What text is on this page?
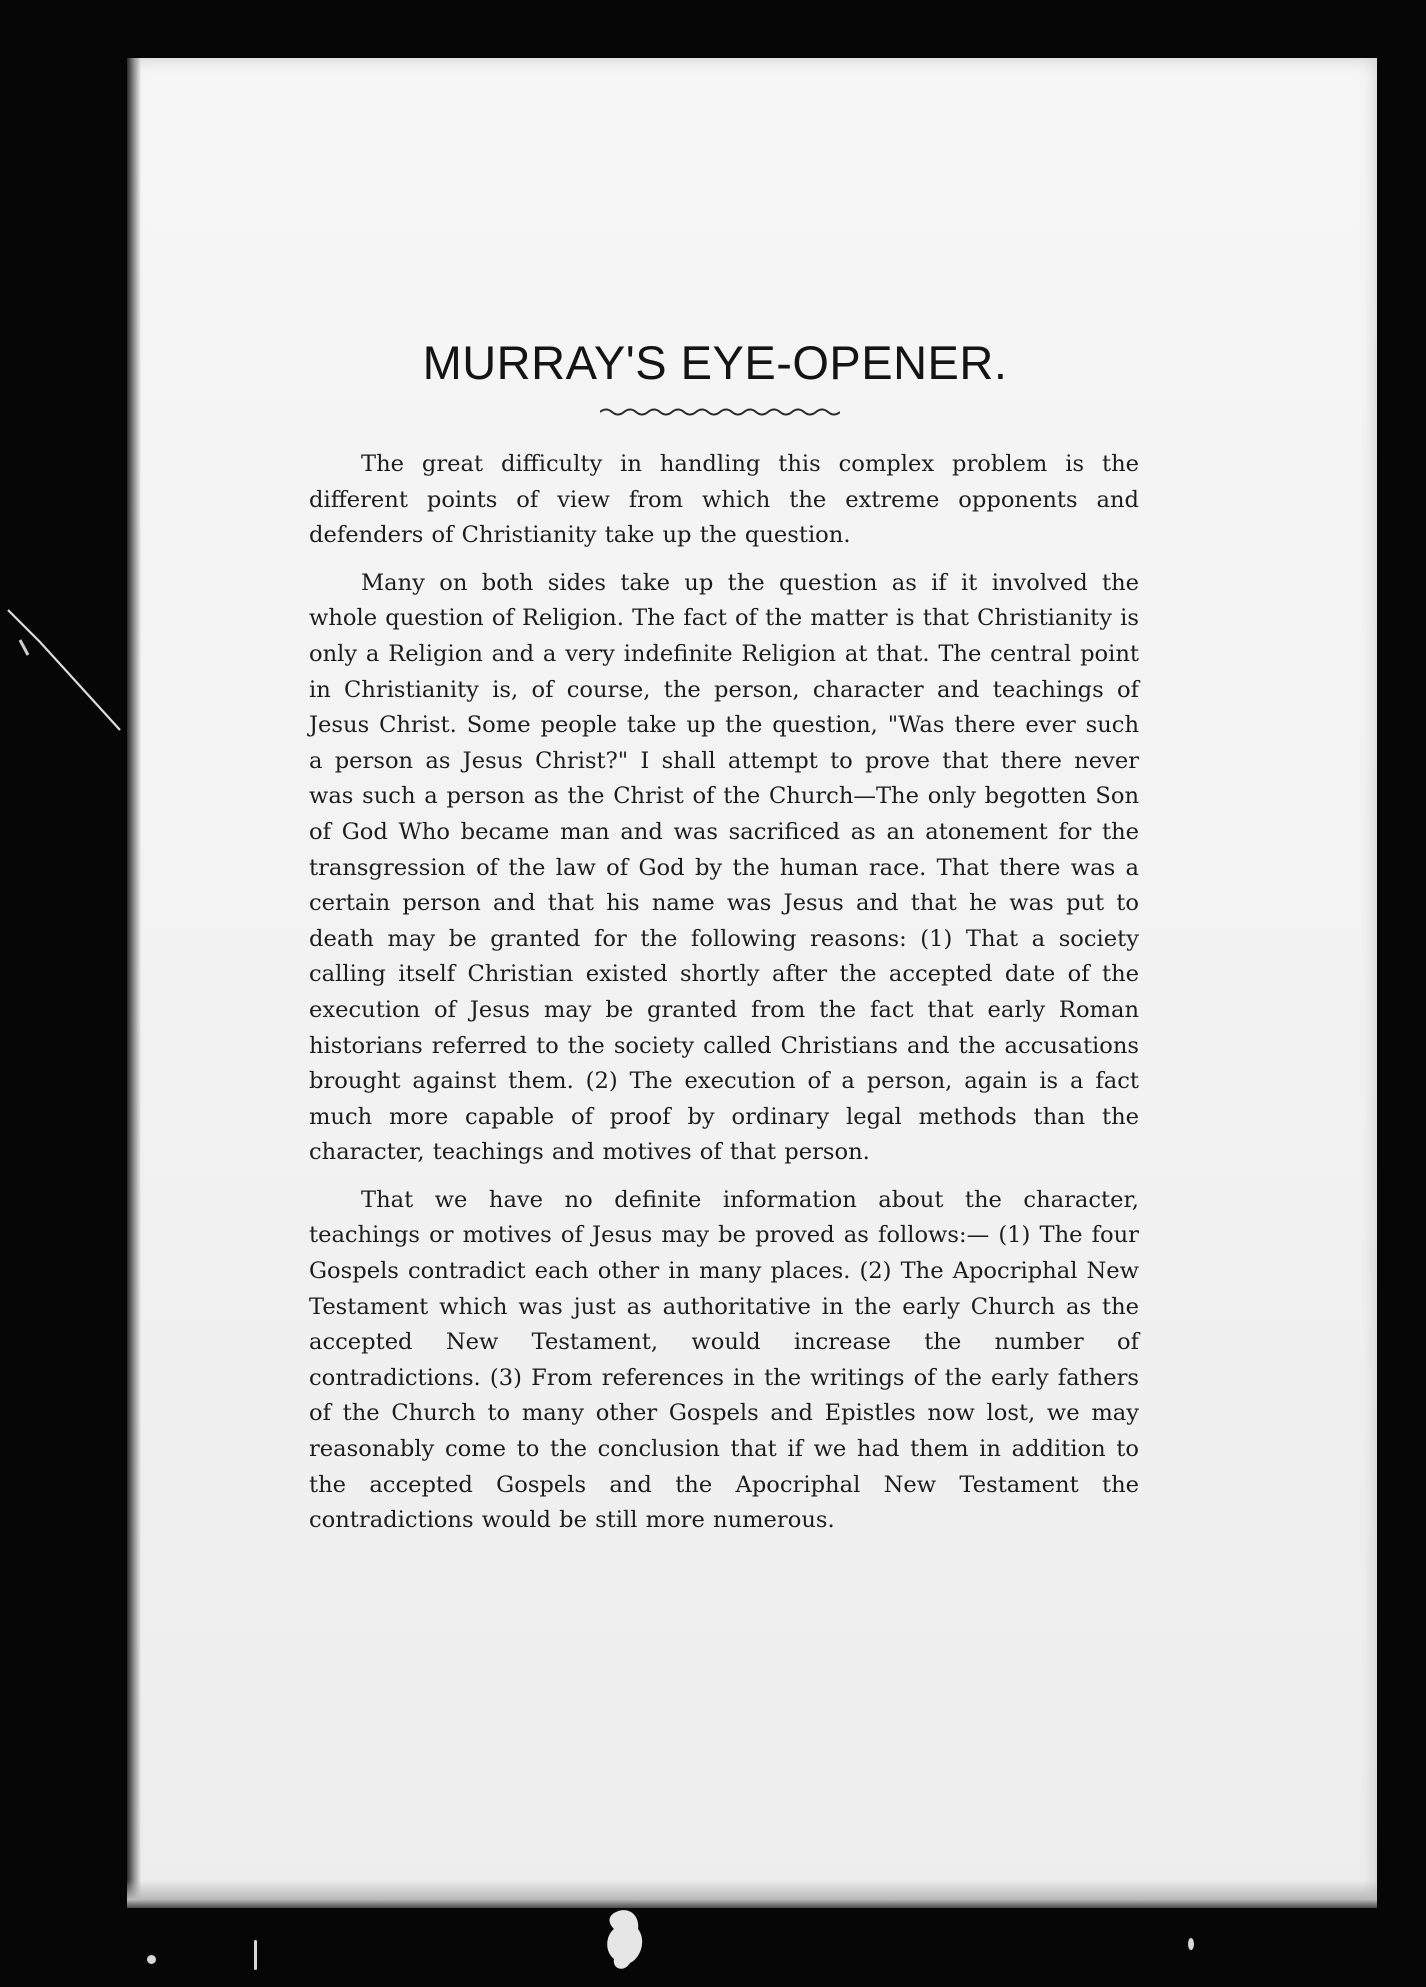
MURRAY'S EYE-OPENER.

The great difficulty in handling this complex problem is the different points of view from which the extreme opponents and defenders of Christianity take up the question.

Many on both sides take up the question as if it involved the whole question of Religion. The fact of the matter is that Christianity is only a Religion and a very indefinite Religion at that. The central point in Christianity is, of course, the person, character and teachings of Jesus Christ. Some people take up the question, "Was there ever such a person as Jesus Christ?" I shall attempt to prove that there never was such a person as the Christ of the Church—The only begotten Son of God Who became man and was sacrificed as an atonement for the transgression of the law of God by the human race. That there was a certain person and that his name was Jesus and that he was put to death may be granted for the following reasons: (1) That a society calling itself Christian existed shortly after the accepted date of the execution of Jesus may be granted from the fact that early Roman historians referred to the society called Christians and the accusations brought against them. (2) The execution of a person, again is a fact much more capable of proof by ordinary legal methods than the character, teachings and motives of that person.

That we have no definite information about the character, teachings or motives of Jesus may be proved as follows:— (1) The four Gospels contradict each other in many places. (2) The Apocriphal New Testament which was just as authoritative in the early Church as the accepted New Testament, would increase the number of contradictions. (3) From references in the writings of the early fathers of the Church to many other Gospels and Epistles now lost, we may reasonably come to the conclusion that if we had them in addition to the accepted Gospels and the Apocriphal New Testament the contradictions would be still more numerous.
